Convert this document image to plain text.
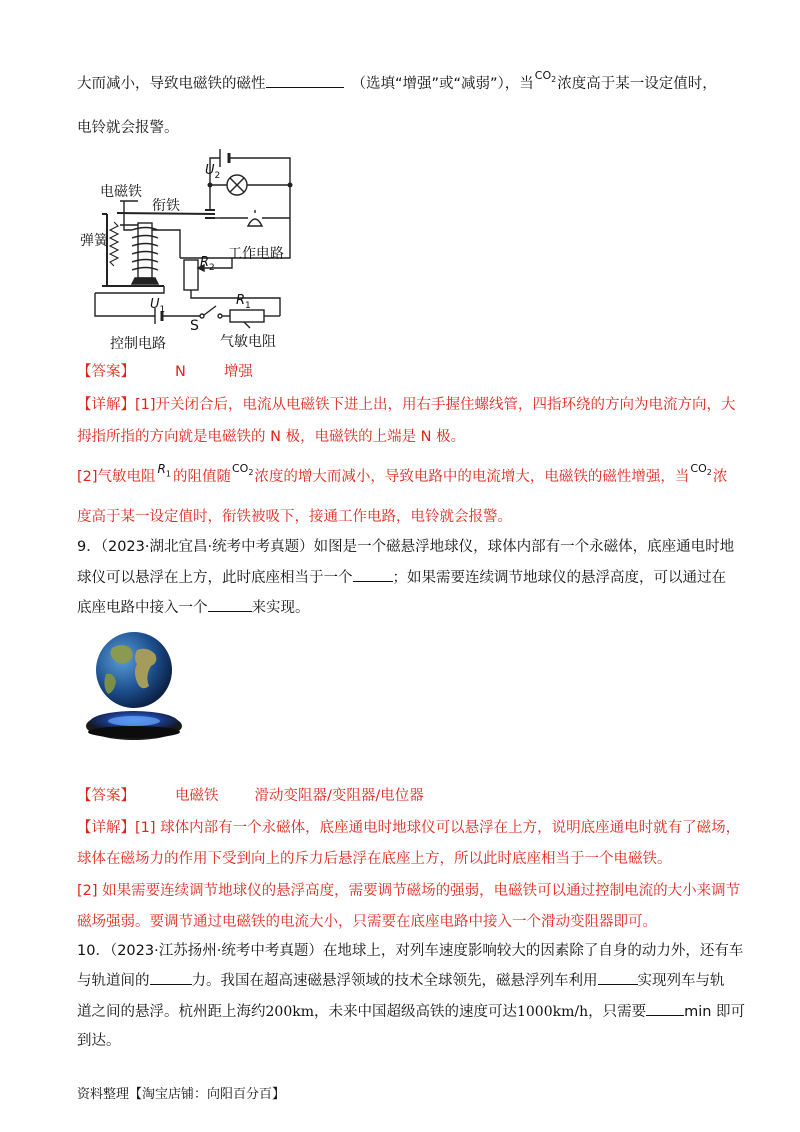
大而减小，导致电磁铁的磁性	（选填“增强”或“减弱”），当$CO_2$浓度高于某一设定值时，
电铃就会报警。
电磁铁
衔铁
弹簧
工作电路
控制电路	气敏电阻
S
$U_2$
$R_2$
$U_1$
$R_1$
【答案】	N	增强
【详解】[1]开关闭合后，电流从电磁铁下进上出，用右手握住螺线管，四指环绕的方向为电流方向，大
拇指所指的方向就是电磁铁的 N 极，电磁铁的上端是 N 极。
[2]气敏电阻 $R_1$ 的阻值随$CO_2$浓度的增大而减小，导致电路中的电流增大，电磁铁的磁性增强，当$CO_2$浓
度高于某一设定值时，衔铁被吸下，接通工作电路，电铃就会报警。
9．（2023·湖北宜昌·统考中考真题）如图是一个磁悬浮地球仪，球体内部有一个永磁体，底座通电时地
球仪可以悬浮在上方，此时底座相当于一个	；如果需要连续调节地球仪的悬浮高度，可以通过在
底座电路中接入一个	来实现。
【答案】	电磁铁 滑动变阻器/变阻器/电位器
【详解】[1] 球体内部有一个永磁体，底座通电时地球仪可以悬浮在上方，说明底座通电时就有了磁场，
球体在磁场力的作用下受到向上的斥力后悬浮在底座上方，所以此时底座相当于一个电磁铁。
[2] 如果需要连续调节地球仪的悬浮高度，需要调节磁场的强弱，电磁铁可以通过控制电流的大小来调节
磁场强弱。要调节通过电磁铁的电流大小，只需要在底座电路中接入一个滑动变阻器即可。
10．（2023·江苏扬州·统考中考真题）在地球上，对列车速度影响较大的因素除了自身的动力外，还有车
与轨道间的	力。我国在超高速磁悬浮领域的技术全球领先，磁悬浮列车利用	实现列车与轨
道之间的悬浮。杭州距上海约200km，未来中国超级高铁的速度可达1000km/h，只需要	min 即可
到达。
资料整理【淘宝店铺：向阳百分百】
